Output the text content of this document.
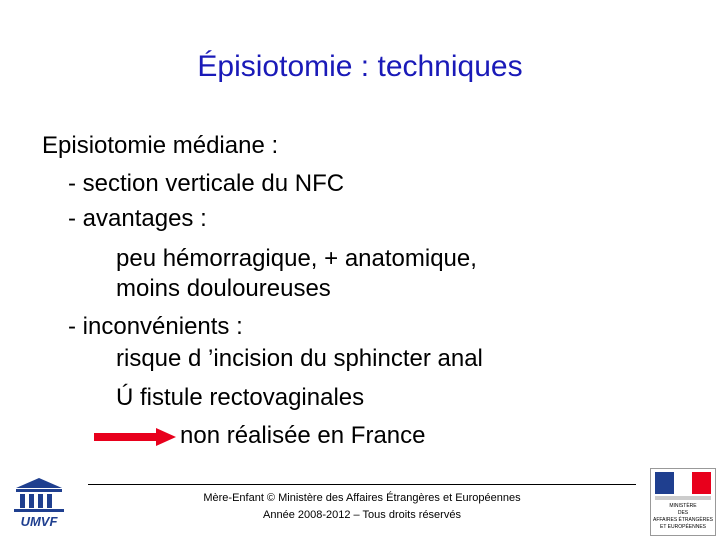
Épisiotomie : techniques
Episiotomie médiane :
- section verticale du NFC
- avantages :
peu hémorragique, + anatomique,
moins douloureuses
- inconvénients :
risque d ’incision du sphincter anal
Ú fistule rectovaginales
non réalisée en France
Mère-Enfant © Ministère des Affaires Étrangères et Européennes
Année 2008-2012 – Tous droits réservés
UMVF
MINISTÈRE
DES
AFFAIRES ÉTRANGÈRES
ET EUROPÉENNES
